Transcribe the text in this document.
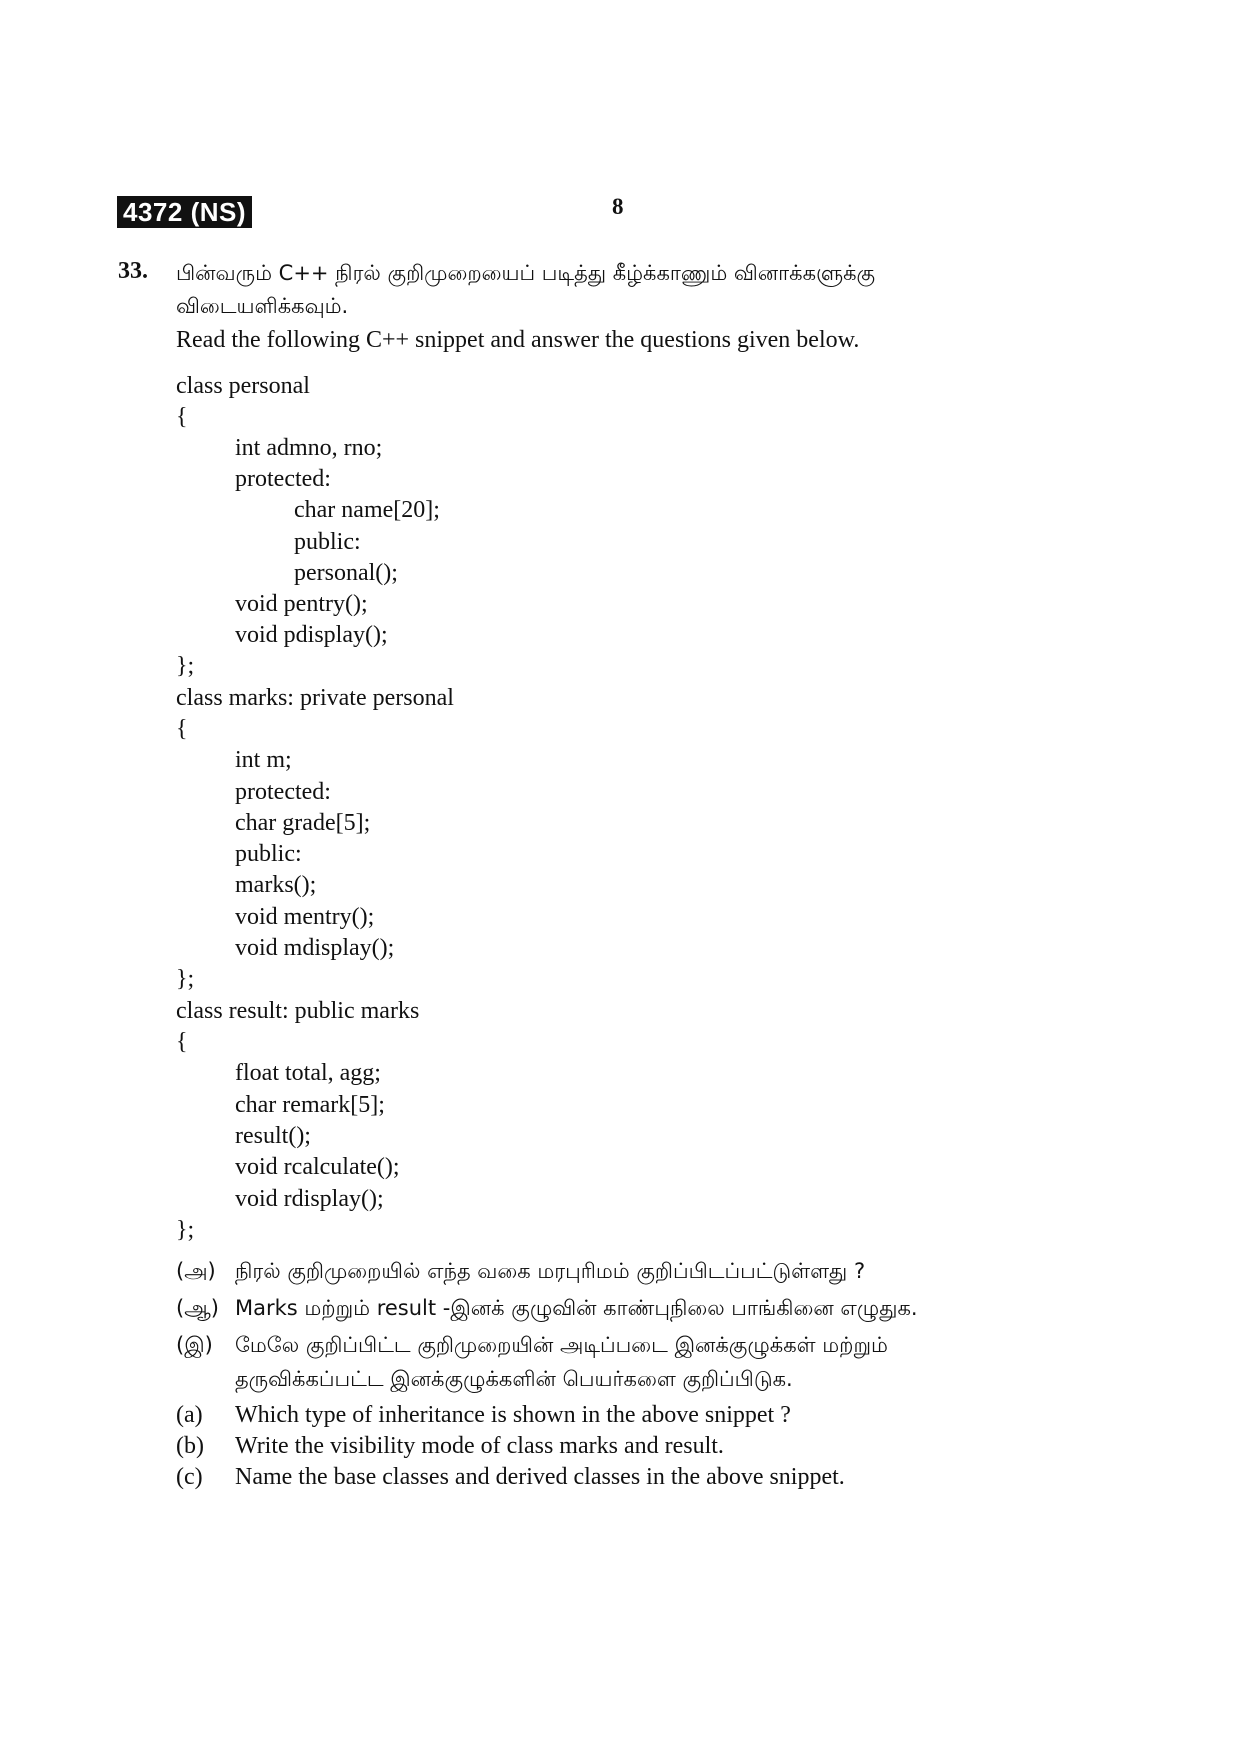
4372 (NS)	8
33. பின்வரும் C++ நிரல் குறிமுறையைப் படித்து கீழ்க்காணும் வினாக்களுக்கு
விடையளிக்கவும்.
Read the following C++ snippet and answer the questions given below.
class personal
{
int admno, rno;
protected:
char name[20];
public:
personal();
void pentry();
void pdisplay();
};
class marks: private personal
{
int m;
protected:
char grade[5];
public:
marks();
void mentry();
void mdisplay();
};
class result: public marks
{
float total, agg;
char remark[5];
result();
void rcalculate();
void rdisplay();
};
(அ) நிரல் குறிமுறையில் எந்த வகை மரபுரிமம் குறிப்பிடப்பட்டுள்ளது ?
(ஆ) Marks மற்றும் result -இனக் குழுவின் காண்புநிலை பாங்கினை எழுதுக.
(இ) மேலே குறிப்பிட்ட குறிமுறையின் அடிப்படை இனக்குழுக்கள் மற்றும்
தருவிக்கப்பட்ட இனக்குழுக்களின் பெயர்களை குறிப்பிடுக.
(a) Which type of inheritance is shown in the above snippet ?
(b) Write the visibility mode of class marks and result.
(c) Name the base classes and derived classes in the above snippet.
